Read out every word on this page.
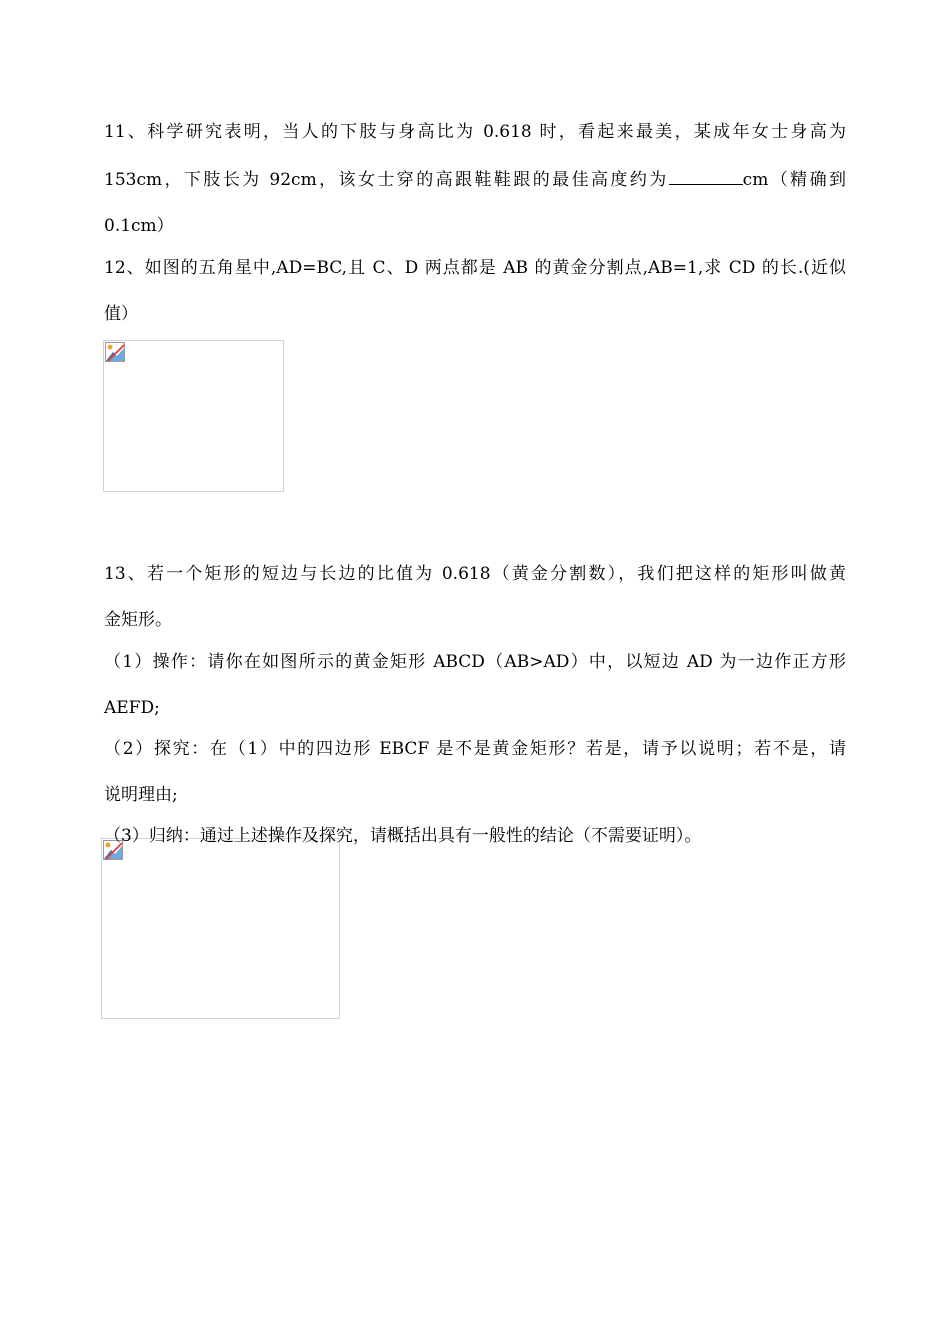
11、科学研究表明，当人的下肢与身高比为 0.618 时，看起来最美，某成年女士身高为
153cm，下肢长为 92cm，该女士穿的高跟鞋鞋跟的最佳高度约为	cm（精确到
0.1cm）
12、如图的五角星中,AD=BC,且 C、D 两点都是 AB 的黄金分割点,AB=1,求 CD 的长.(近似
值）
13、若一个矩形的短边与长边的比值为 0.618（黄金分割数），我们把这样的矩形叫做黄
金矩形。
（1）操作：请你在如图所示的黄金矩形 ABCD（AB>AD）中，以短边 AD 为一边作正方形
AEFD;
（2）探究：在（1）中的四边形 EBCF 是不是黄金矩形？若是，请予以说明；若不是，请
说明理由;
（3）归纳：通过上述操作及探究，请概括出具有一般性的结论（不需要证明）。
